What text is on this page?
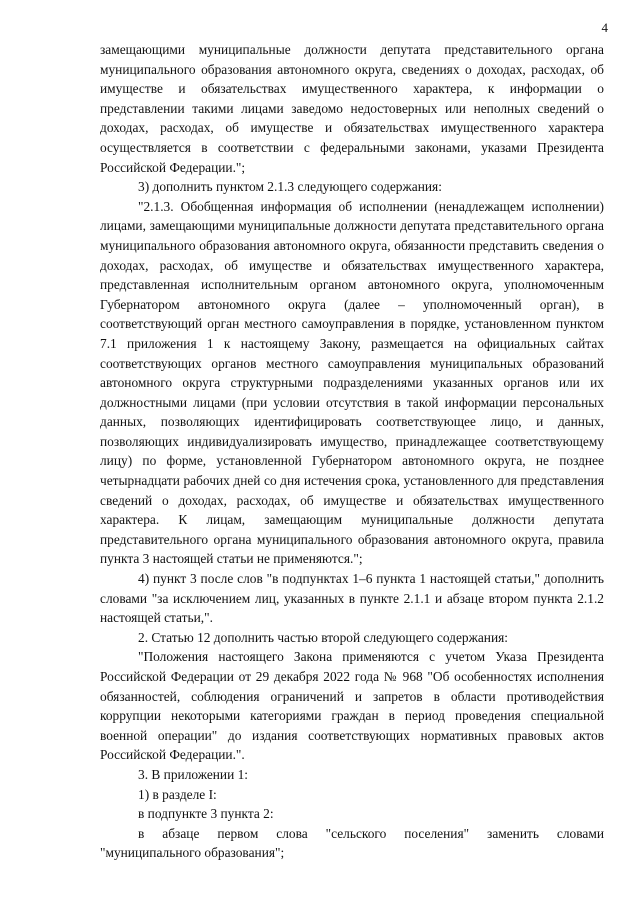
4

замещающими муниципальные должности депутата представительного органа муниципального образования автономного округа, сведениях о доходах, расходах, об имуществе и обязательствах имущественного характера, к информации о представлении такими лицами заведомо недостоверных или неполных сведений о доходах, расходах, об имуществе и обязательствах имущественного характера осуществляется в соответствии с федеральными законами, указами Президента Российской Федерации.";

3) дополнить пунктом 2.1.3 следующего содержания:

"2.1.3. Обобщенная информация об исполнении (ненадлежащем исполнении) лицами, замещающими муниципальные должности депутата представительного органа муниципального образования автономного округа, обязанности представить сведения о доходах, расходах, об имуществе и обязательствах имущественного характера, представленная исполнительным органом автономного округа, уполномоченным Губернатором автономного округа (далее – уполномоченный орган), в соответствующий орган местного самоуправления в порядке, установленном пунктом 7.1 приложения 1 к настоящему Закону, размещается на официальных сайтах соответствующих органов местного самоуправления муниципальных образований автономного округа структурными подразделениями указанных органов или их должностными лицами (при условии отсутствия в такой информации персональных данных, позволяющих идентифицировать соответствующее лицо, и данных, позволяющих индивидуализировать имущество, принадлежащее соответствующему лицу) по форме, установленной Губернатором автономного округа, не позднее четырнадцати рабочих дней со дня истечения срока, установленного для представления сведений о доходах, расходах, об имуществе и обязательствах имущественного характера. К лицам, замещающим муниципальные должности депутата представительного органа муниципального образования автономного округа, правила пункта 3 настоящей статьи не применяются.";

4) пункт 3 после слов "в подпунктах 1–6 пункта 1 настоящей статьи," дополнить словами "за исключением лиц, указанных в пункте 2.1.1 и абзаце втором пункта 2.1.2 настоящей статьи,".

2. Статью 12 дополнить частью второй следующего содержания:

"Положения настоящего Закона применяются с учетом Указа Президента Российской Федерации от 29 декабря 2022 года № 968 "Об особенностях исполнения обязанностей, соблюдения ограничений и запретов в области противодействия коррупции некоторыми категориями граждан в период проведения специальной военной операции" до издания соответствующих нормативных правовых актов Российской Федерации.".

3. В приложении 1:

1) в разделе I:

в подпункте 3 пункта 2:

в абзаце первом слова "сельского поселения" заменить словами "муниципального образования";
